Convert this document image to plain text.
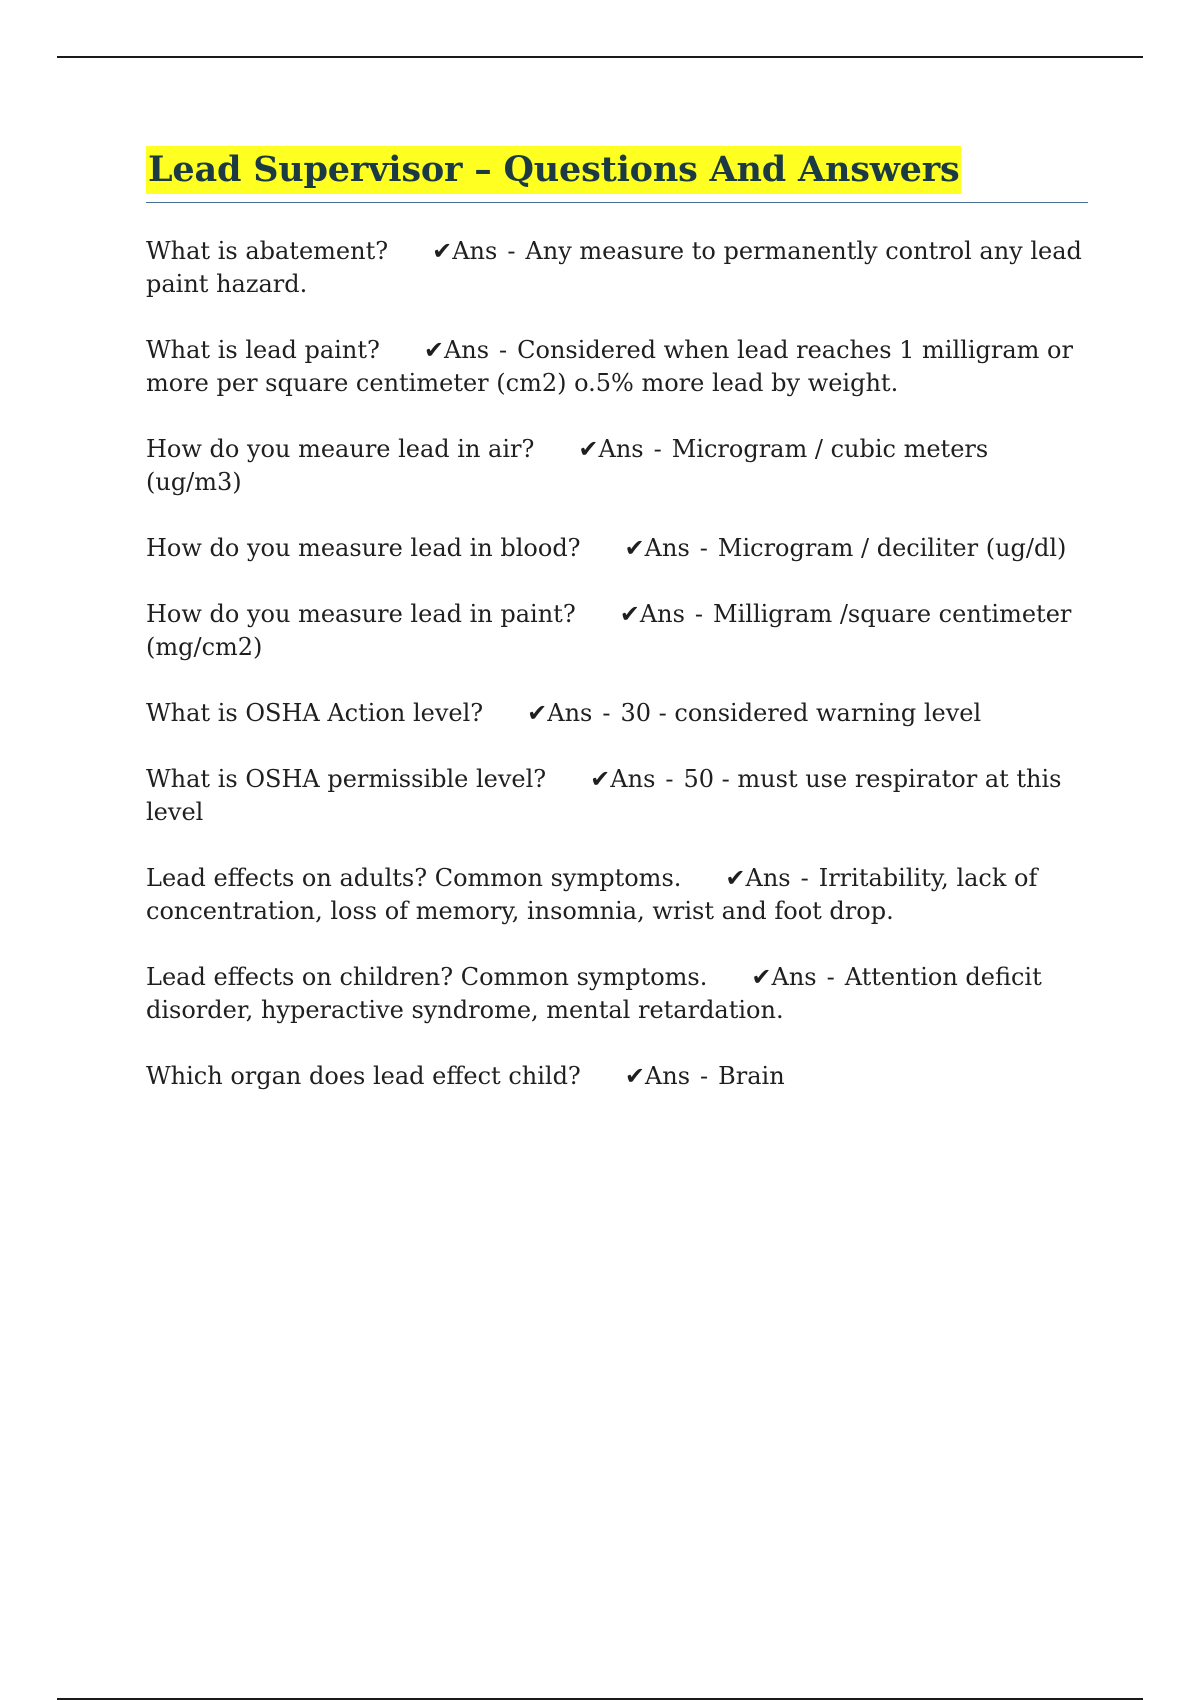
Lead Supervisor – Questions And Answers

What is abatement? ✔Ans - Any measure to permanently control any lead paint hazard.

What is lead paint? ✔Ans - Considered when lead reaches 1 milligram or more per square centimeter (cm2) o.5% more lead by weight.

How do you meaure lead in air? ✔Ans - Microgram / cubic meters (ug/m3)

How do you measure lead in blood? ✔Ans - Microgram / deciliter (ug/dl)

How do you measure lead in paint? ✔Ans - Milligram /square centimeter (mg/cm2)

What is OSHA Action level? ✔Ans - 30 - considered warning level

What is OSHA permissible level? ✔Ans - 50 - must use respirator at this level

Lead effects on adults? Common symptoms. ✔Ans - Irritability, lack of concentration, loss of memory, insomnia, wrist and foot drop.

Lead effects on children? Common symptoms. ✔Ans - Attention deficit disorder, hyperactive syndrome, mental retardation.

Which organ does lead effect child? ✔Ans - Brain
